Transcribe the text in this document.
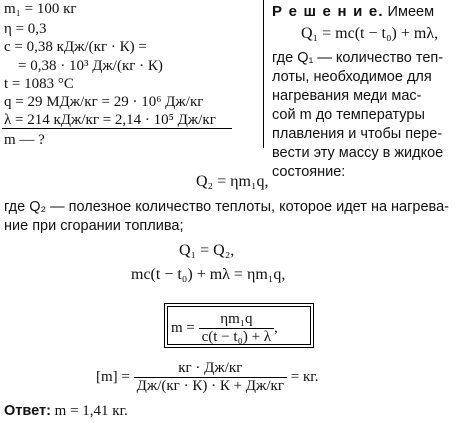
m₁ = 100 кг
η = 0,3
c = 0,38 кДж/(кг · К) =
= 0,38 · 10³ Дж/(кг · К)
t = 1083 °С
q = 29 МДж/кг = 29 · 10⁶ Дж/кг
λ = 214 кДж/кг = 2,14 · 10⁵ Дж/кг
m — ?
Р е ш е н и е. Имеем
Q₁ = mc(t − t₀) + mλ,
где Q₁ — количество теп-
лоты, необходимое для
нагревания меди мас-
сой m до температуры
плавления и чтобы пере-
вести эту массу в жидкое
состояние:
Q₂ = ηm₁q,
где Q₂ — полезное количество теплоты, которое идет на нагрева-
ние при сгорании топлива;
Q₁ = Q₂,
mc(t − t₀) + mλ = ηm₁q,
$m = \frac{\text{ηm₁q}}{\text{c(t − t₀) + λ}}$ ,
$[m] = \frac{кг \cdot Дж/кг}{Дж/(кг \cdot К) \cdot К + Дж/кг}$ = кг.
Ответ: m = 1,41 кг.
